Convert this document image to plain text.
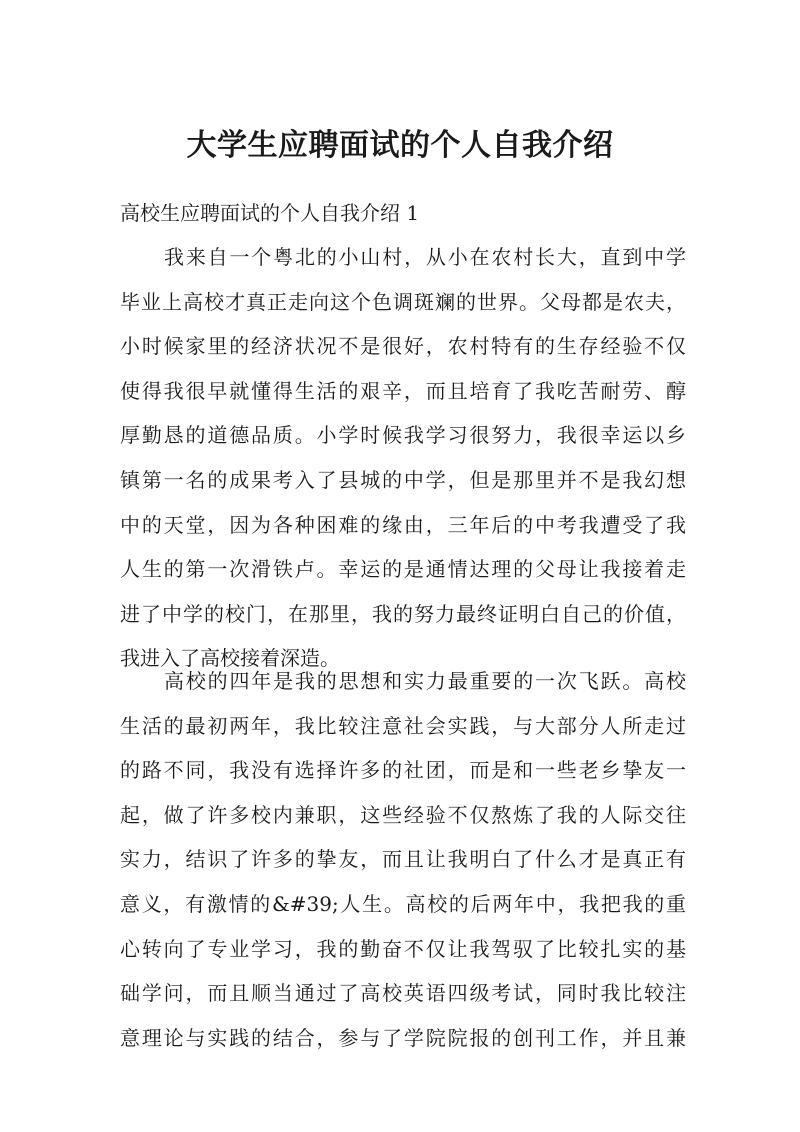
大学生应聘面试的个人自我介绍

高校生应聘面试的个人自我介绍 1

我来自一个粤北的小山村，从小在农村长大，直到中学
毕业上高校才真正走向这个色调斑斓的世界。父母都是农夫，
小时候家里的经济状况不是很好，农村特有的生存经验不仅
使得我很早就懂得生活的艰辛，而且培育了我吃苦耐劳、醇
厚勤恳的道德品质。小学时候我学习很努力，我很幸运以乡
镇第一名的成果考入了县城的中学，但是那里并不是我幻想
中的天堂，因为各种困难的缘由，三年后的中考我遭受了我
人生的第一次滑铁卢。幸运的是通情达理的父母让我接着走
进了中学的校门，在那里，我的努力最终证明白自己的价值，
我进入了高校接着深造。
高校的四年是我的思想和实力最重要的一次飞跃。高校
生活的最初两年，我比较注意社会实践，与大部分人所走过
的路不同，我没有选择许多的社团，而是和一些老乡挚友一
起，做了许多校内兼职，这些经验不仅熬炼了我的人际交往
实力，结识了许多的挚友，而且让我明白了什么才是真正有
意义，有激情的&#39;人生。高校的后两年中，我把我的重
心转向了专业学习，我的勤奋不仅让我驾驭了比较扎实的基
础学问，而且顺当通过了高校英语四级考试，同时我比较注
意理论与实践的结合，参与了学院院报的创刊工作，并且兼
